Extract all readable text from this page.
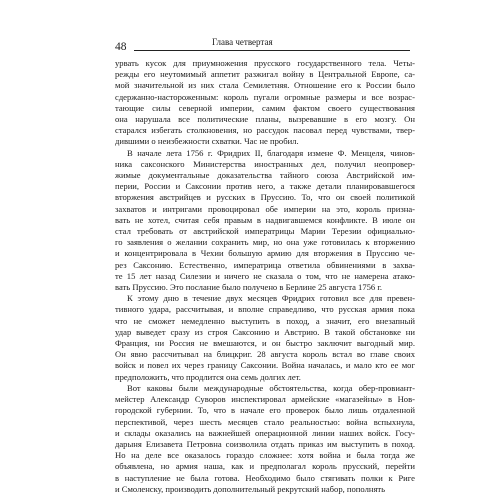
48	Глава четвертая
урвать кусок для приумножения прусского государственного тела. Четы-
режды его неутомимый аппетит разжигал войну в Центральной Европе, са-
мой значительной из них стала Семилетняя. Отношение его к России было
сдержанно-настороженным: король пугали огромные размеры и все возрас-
тающие силы северной империи, самим фактом своего существования
она нарушала все политические планы, вызревавшие в его мозгу. Он
старался избегать столкновения, но рассудок пасовал перед чувствами, твер-
дившими о неизбежности схватки. Час не пробил.
В начале лета 1756 г. Фридрих II, благодаря измене Ф. Менцеля, чинов-
ника саксонского Министерства иностранных дел, получил неопровер-
жимые документальные доказательства тайного союза Австрийской им-
перии, России и Саксонии против него, а также детали планировавшегося
вторжения австрийцев и русских в Пруссию. То, что он своей политикой
захватов и интригами провоцировал обе империи на это, король призна-
вать не хотел, считая себя правым в надвигавшемся конфликте. В июле он
стал требовать от австрийской императрицы Марии Терезии официально-
го заявления о желании сохранить мир, но она уже готовилась к вторжению
и концентрировала в Чехии большую армию для вторжения в Пруссию че-
рез Саксонию. Естественно, императрица ответила обвинениями в захва-
те 15 лет назад Силезии и ничего не сказала о том, что не намерена атако-
вать Пруссию. Это послание было получено в Берлине 25 августа 1756 г.
К этому дню в течение двух месяцев Фридрих готовил все для превен-
тивного удара, рассчитывая, и вполне справедливо, что русская армия пока
что не сможет немедленно выступить в поход, а значит, его внезапный
удар выведет сразу из строя Саксонию и Австрию. В такой обстановке ни
Франция, ни Россия не вмешаются, и он быстро заключит выгодный мир.
Он явно рассчитывал на блицкриг. 28 августа король встал во главе своих
войск и повел их через границу Саксонии. Война началась, и мало кто ее мог
предположить, что продлится она семь долгих лет.
Вот каковы были международные обстоятельства, когда обер-провиант-
мейстер Александр Суворов инспектировал армейские «магазейны» в Нов-
городской губернии. То, что в начале его проверок было лишь отдаленной
перспективой, через шесть месяцев стало реальностью: война вспыхнула,
и склады оказались на важнейшей операционной линии наших войск. Госу-
дарыня Елизавета Петровна соизволила отдать приказ им выступить в поход.
Но на деле все оказалось гораздо сложнее: хотя война и была тогда же
объявлена, но армия наша, как и предполагал король прусский, перейти
в наступление не была готова. Необходимо было стягивать полки к Риге
и Смоленску, производить дополнительный рекрутский набор, пополнять
